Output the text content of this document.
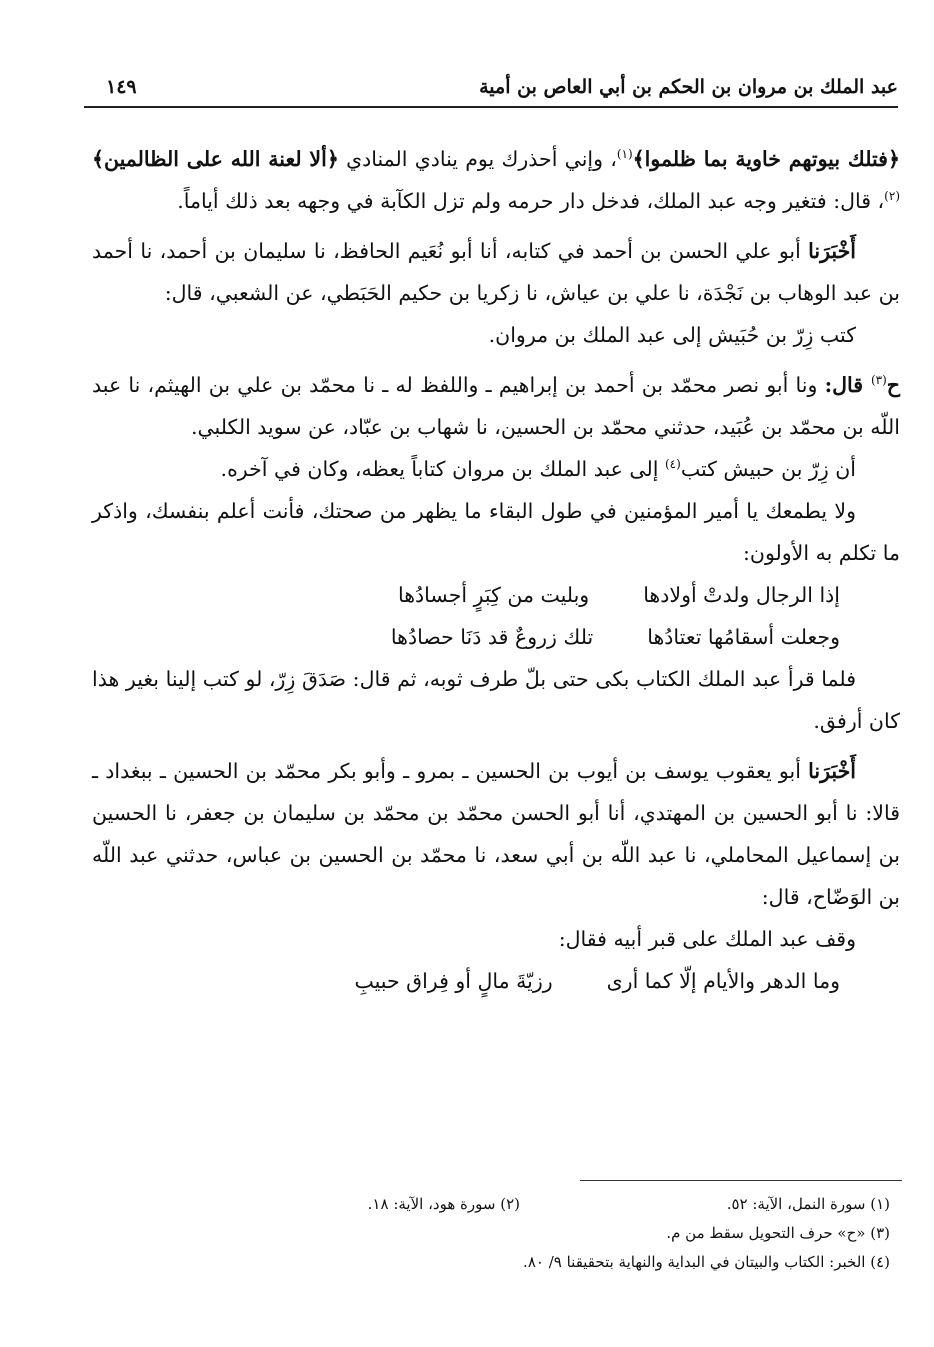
عبد الملك بن مروان بن الحكم بن أبي العاص بن أمية
١٤٩

﴿فتلك بيوتهم خاوية بما ظلموا﴾$^{(١)}$، وإني أحذرك يوم ينادي المنادي ﴿ألا لعنة الله على الظالمين﴾ $^{(٢)}$، قال: فتغير وجه عبد الملك، فدخل دار حرمه ولم تزل الكآبة في وجهه بعد ذلك أياماً.

أَخْبَرَنا أبو علي الحسن بن أحمد في كتابه، أنا أبو نُعَيم الحافظ، نا سليمان بن أحمد، نا أحمد بن عبد الوهاب بن نَجْدَة، نا علي بن عياش، نا زكريا بن حكيم الحَبَطي، عن الشعبي، قال:

كتب زِرّ بن حُبَيش إلى عبد الملك بن مروان.

ح$^{(٣)}$ قال: ونا أبو نصر محمّد بن أحمد بن إبراهيم ـ واللفظ له ـ نا محمّد بن علي بن الهيثم، نا عبد اللّه بن محمّد بن عُبَيد، حدثني محمّد بن الحسين، نا شهاب بن عبّاد، عن سويد الكلبي.

أن زِرّ بن حبيش كتب$^{(٤)}$ إلى عبد الملك بن مروان كتاباً يعظه، وكان في آخره.

ولا يطمعك يا أمير المؤمنين في طول البقاء ما يظهر من صحتك، فأنت أعلم بنفسك، واذكر ما تكلم به الأولون:

إذا الرجال ولدتْ أولادها
وبليت من كِبَرٍ أجسادُها
وجعلت أسقامُها تعتادُها
تلك زروعٌ قد دَنَا حصادُها

فلما قرأ عبد الملك الكتاب بكى حتى بلّ طرف ثوبه، ثم قال: صَدَقَ زِرّ، لو كتب إلينا بغير هذا كان أرفق.

أَخْبَرَنا أبو يعقوب يوسف بن أيوب بن الحسين ـ بمرو ـ وأبو بكر محمّد بن الحسين ـ ببغداد ـ قالا: نا أبو الحسين بن المهتدي، أنا أبو الحسن محمّد بن محمّد بن سليمان بن جعفر، نا الحسين بن إسماعيل المحاملي، نا عبد اللّه بن أبي سعد، نا محمّد بن الحسين بن عباس، حدثني عبد اللّه بن الوَضّاح، قال:

وقف عبد الملك على قبر أبيه فقال:

وما الدهر والأيام إلّا كما أرى
رزيّةَ مالٍ أو فِراق حبيبِ
(١) سورة النمل، الآية: ٥٢.
(٢) سورة هود، الآية: ١٨.
(٣) «ح» حرف التحويل سقط من م.
(٤) الخبر: الكتاب والبيتان في البداية والنهاية بتحقيقنا ٩/ ٨٠.
